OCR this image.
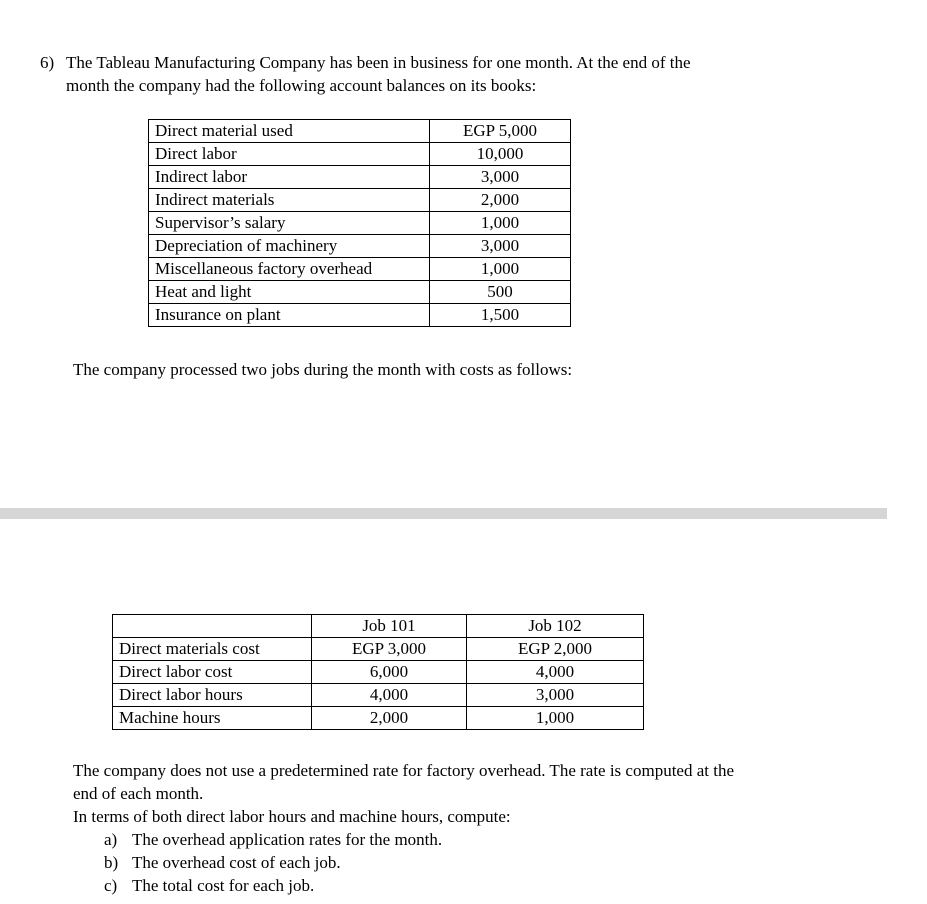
6) The Tableau Manufacturing Company has been in business for one month. At the end of the
month the company had the following account balances on its books:
Direct material used	EGP 5,000
Direct labor	10,000
Indirect labor	3,000
Indirect materials	2,000
Supervisor’s salary	1,000
Depreciation of machinery	3,000
Miscellaneous factory overhead	1,000
Heat and light	500
Insurance on plant	1,500
The company processed two jobs during the month with costs as follows:
	Job 101	Job 102
Direct materials cost	EGP 3,000	EGP 2,000
Direct labor cost	6,000	4,000
Direct labor hours	4,000	3,000
Machine hours	2,000	1,000
The company does not use a predetermined rate for factory overhead. The rate is computed at the
end of each month.
In terms of both direct labor hours and machine hours, compute:
a) The overhead application rates for the month.
b) The overhead cost of each job.
c) The total cost for each job.
